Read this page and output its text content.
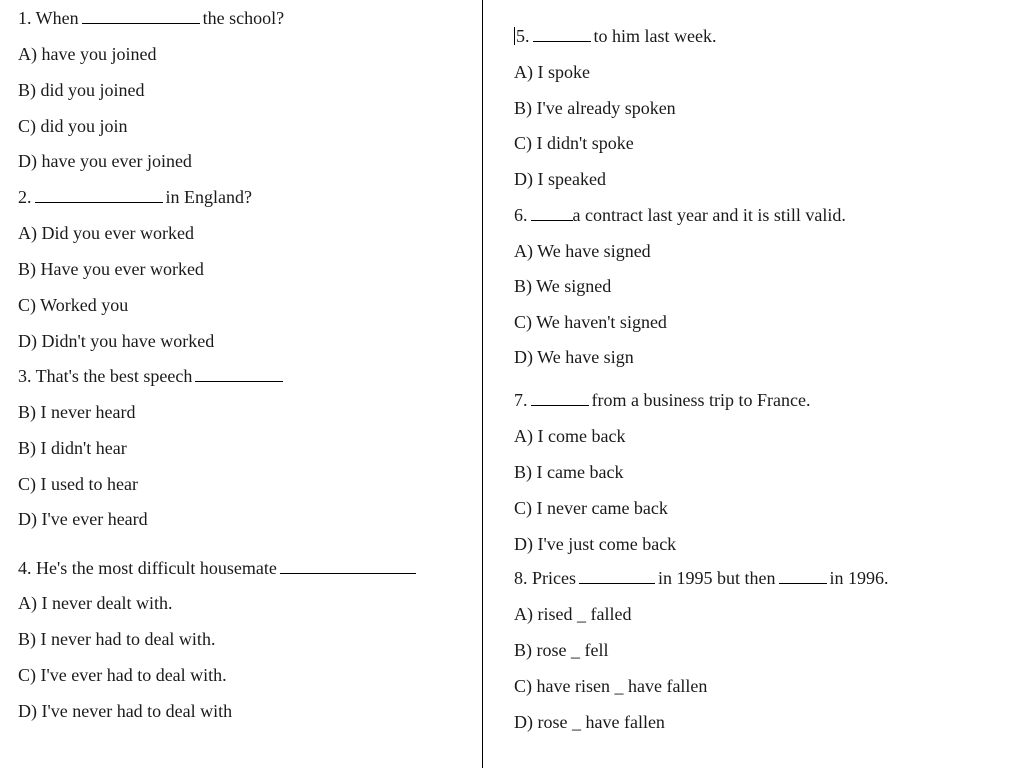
1. When	the school?
A) have you joined
B) did you joined
C) did you join
D) have you ever joined
2.	in England?
A) Did you ever worked
B) Have you ever worked
C) Worked you
D) Didn't you have worked
3. That's the best speech
B) I never heard
B) I didn't hear
C) I used to hear
D) I've ever heard
4. He's the most difficult housemate
A) I never dealt with.
B) I never had to deal with.
C) I've ever had to deal with.
D) I've never had to deal with
5.	to him last week.
A) I spoke
B) I've already spoken
C) I didn't spoke
D) I speaked
6.	a contract last year and it is still valid.
A) We have signed
B) We signed
C) We haven't signed
D) We have sign
7.	from a business trip to France.
A) I come back
B) I came back
C) I never came back
D) I've just come back
8. Prices	in 1995 but then	in 1996.
A) rised _ falled
B) rose _ fell
C) have risen _ have fallen
D) rose _ have fallen
